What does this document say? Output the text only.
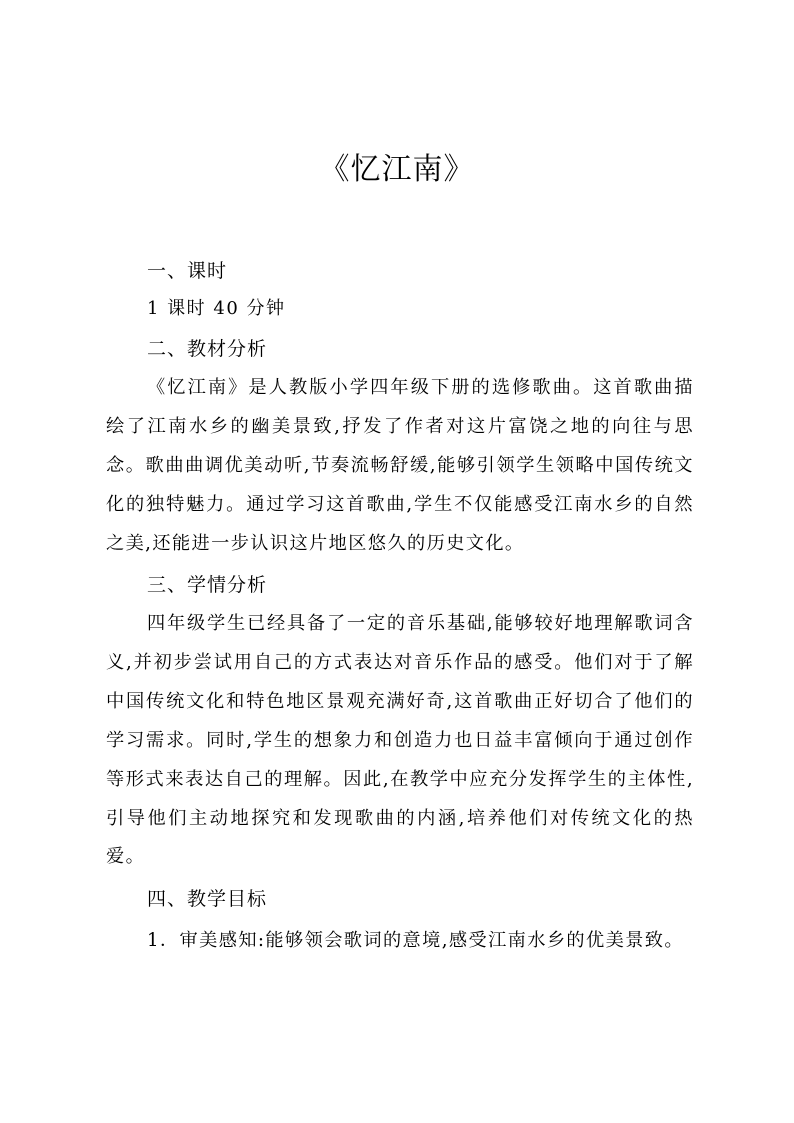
《忆江南》
一、课时
1 课时 40 分钟
二、教材分析

《忆江南》是人教版小学四年级下册的选修歌曲。这首歌曲描绘了江南水乡的幽美景致,抒发了作者对这片富饶之地的向往与思念。歌曲曲调优美动听,节奏流畅舒缓,能够引领学生领略中国传统文化的独特魅力。通过学习这首歌曲,学生不仅能感受江南水乡的自然之美,还能进一步认识这片地区悠久的历史文化。

三、学情分析

四年级学生已经具备了一定的音乐基础,能够较好地理解歌词含义,并初步尝试用自己的方式表达对音乐作品的感受。他们对于了解中国传统文化和特色地区景观充满好奇,这首歌曲正好切合了他们的学习需求。同时,学生的想象力和创造力也日益丰富倾向于通过创作等形式来表达自己的理解。因此,在教学中应充分发挥学生的主体性,引导他们主动地探究和发现歌曲的内涵,培养他们对传统文化的热爱。

四、教学目标

1．审美感知:能够领会歌词的意境,感受江南水乡的优美景致。
